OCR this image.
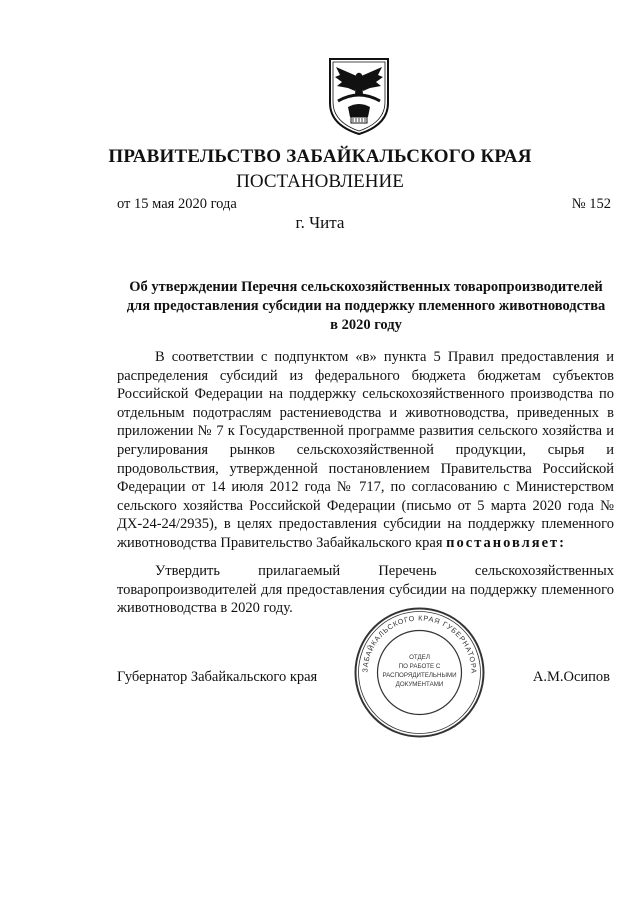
ПРАВИТЕЛЬСТВО ЗАБАЙКАЛЬСКОГО КРАЯ
ПОСТАНОВЛЕНИЕ
от 15 мая 2020 года	№ 152
г. Чита
Об утверждении Перечня сельскохозяйственных товаропроизводителей
для предоставления субсидии на поддержку племенного животноводства
в 2020 году

В соответствии с подпунктом «в» пункта 5 Правил предоставления и распределения субсидий из федерального бюджета бюджетам субъектов Российской Федерации на поддержку сельскохозяйственного производства по отдельным подотраслям растениеводства и животноводства, приведенных в приложении № 7 к Государственной программе развития сельского хозяйства и регулирования рынков сельскохозяйственной продукции, сырья и продовольствия, утвержденной постановлением Правительства Российской Федерации от 14 июля 2012 года № 717, по согласованию с Министерством сельского хозяйства Российской Федерации (письмо от 5 марта 2020 года № ДХ-24-24/2935), в целях предоставления субсидии на поддержку племенного животноводства Правительство Забайкальского края постановляет:

Утвердить прилагаемый Перечень сельскохозяйственных товаропроизводителей для предоставления субсидии на поддержку племенного животноводства в 2020 году.

Губернатор Забайкальского края	А.М.Осипов
ЗАБАЙКАЛЬСКОГО КРАЯ ГУБЕРНАТОРА
ОТДЕЛ
ПО РАБОТЕ С
РАСПОРЯДИТЕЛЬНЫМИ
ДОКУМЕНТАМИ
